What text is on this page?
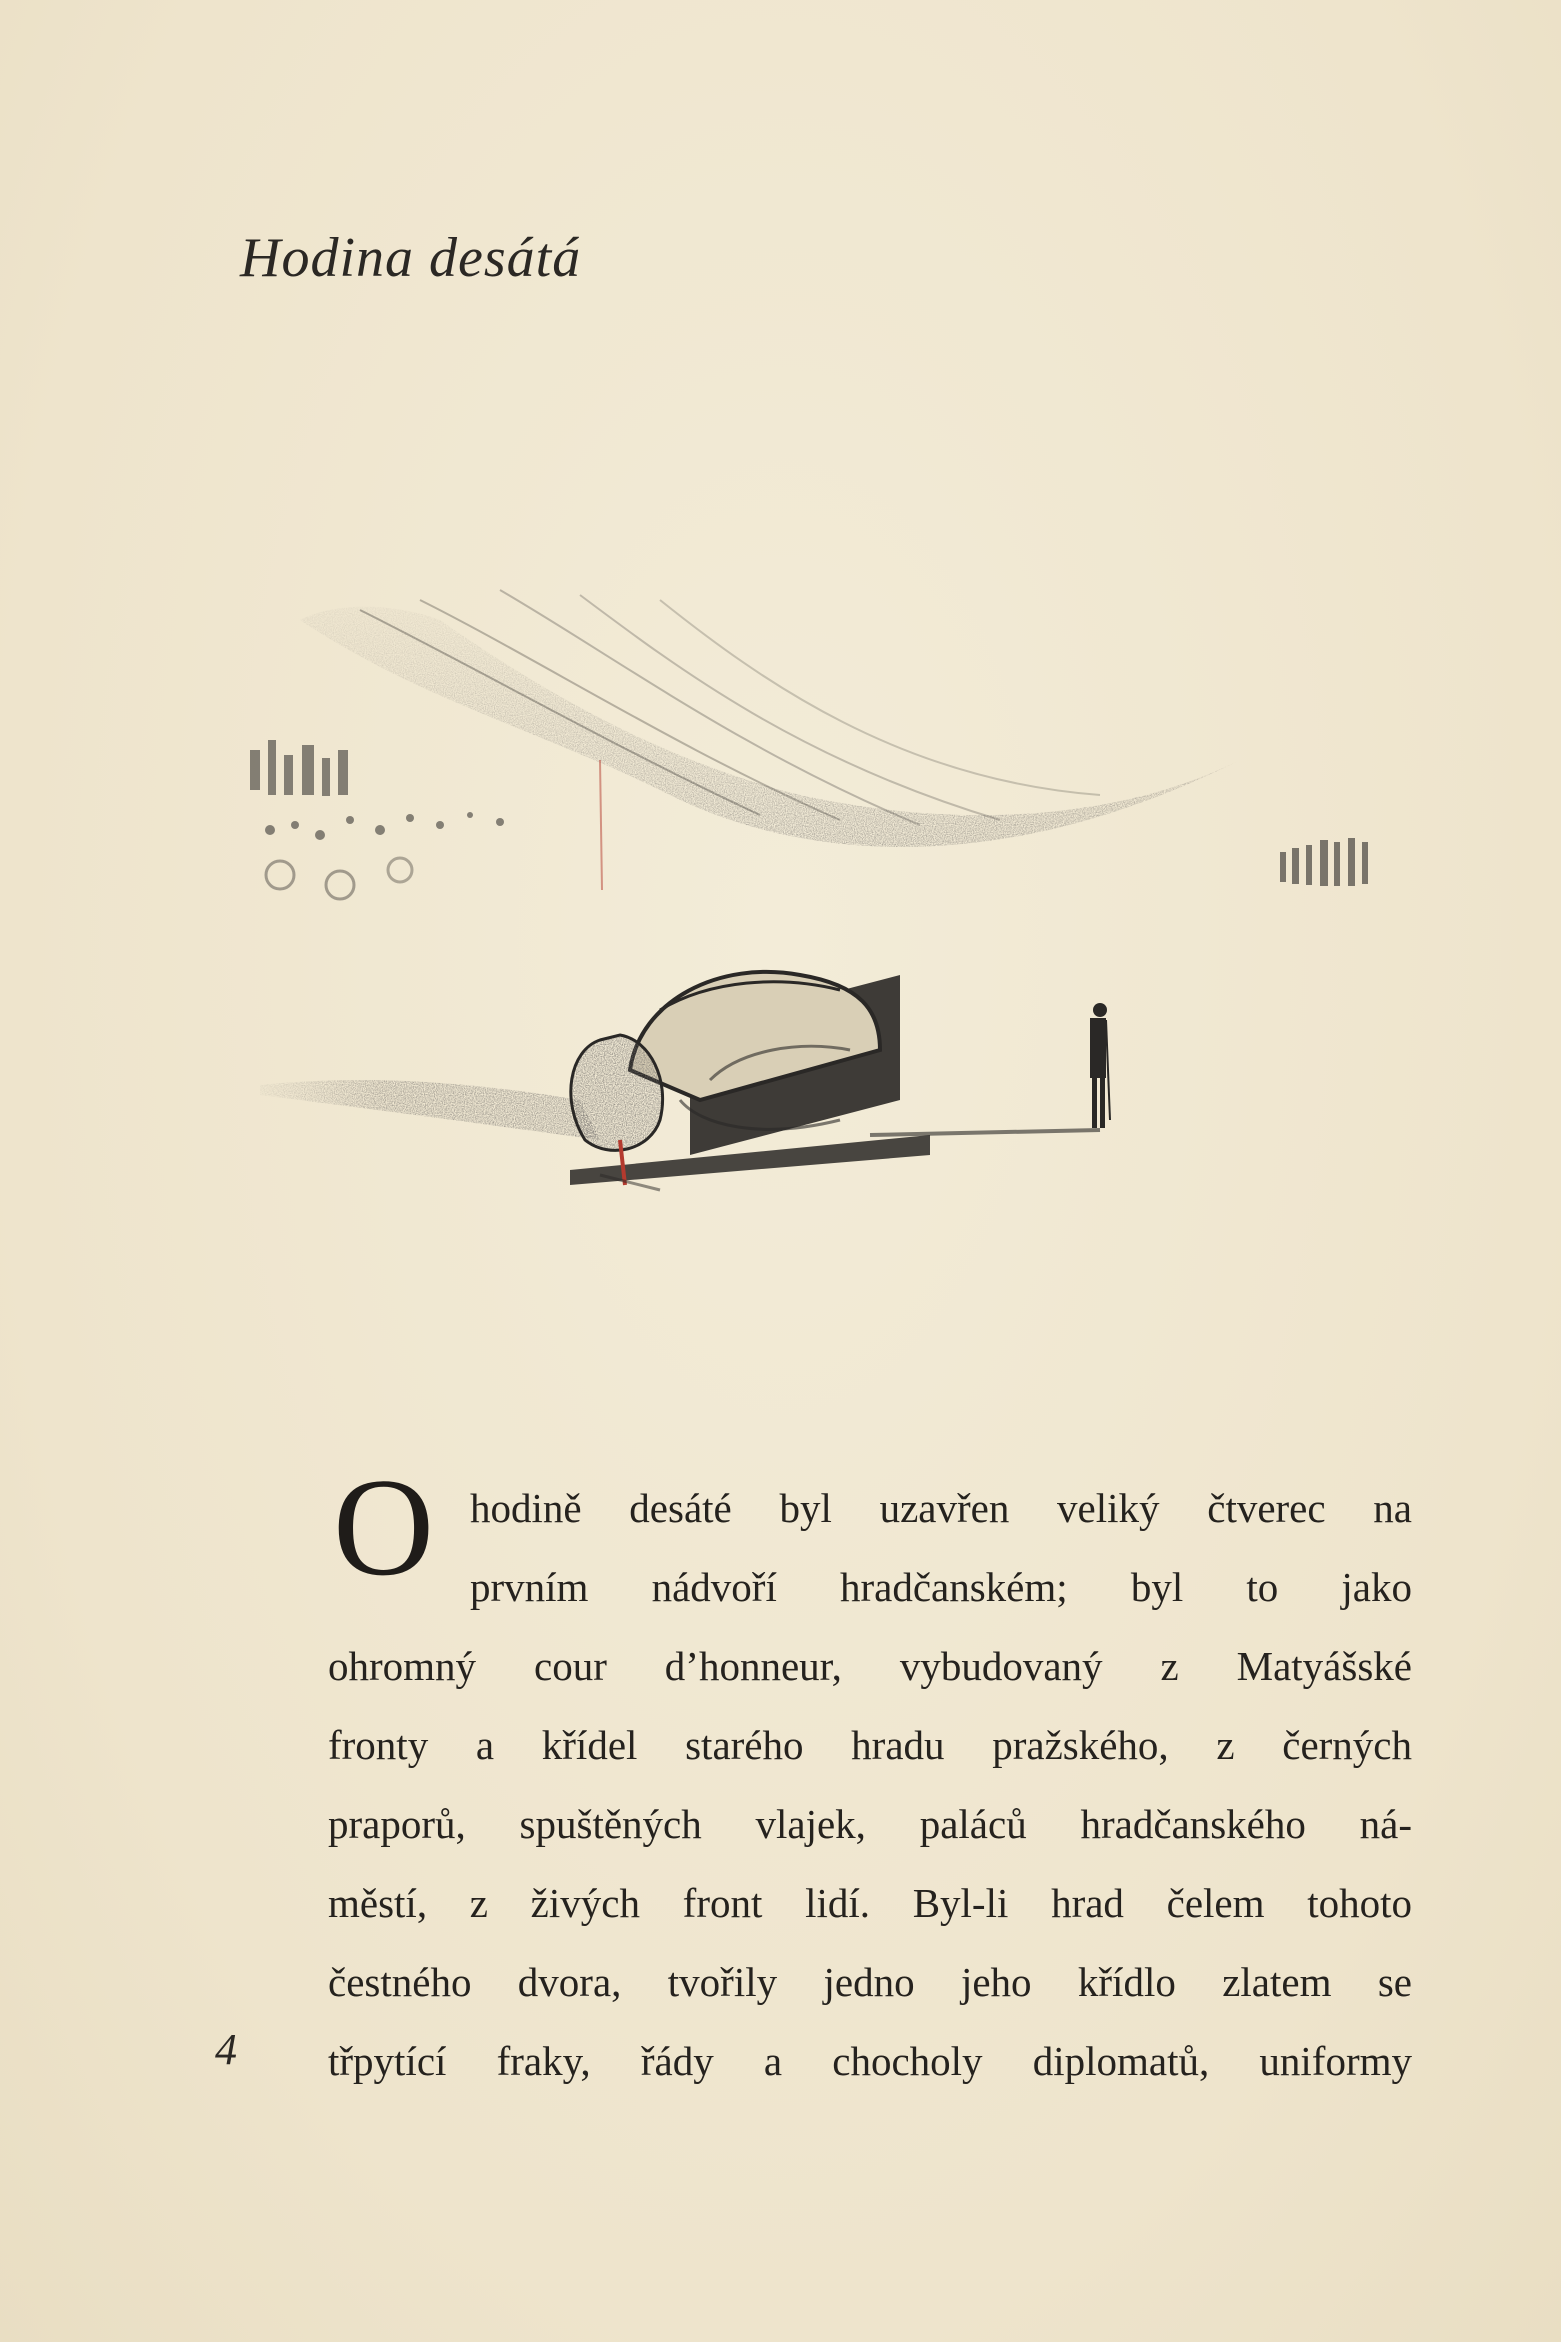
Hodina desátá
O hodině desáté byl uzavřen veliký čtverec na
prvním nádvoří hradčanském; byl to jako
ohromný cour d’honneur, vybudovaný z Matyášské
fronty a křídel starého hradu pražského, z černých
praporů, spuštěných vlajek, paláců hradčanského ná-
městí, z živých front lidí. Byl-li hrad čelem tohoto
čestného dvora, tvořily jedno jeho křídlo zlatem se
třpytící fraky, řády a chocholy diplomatů, uniformy
4
